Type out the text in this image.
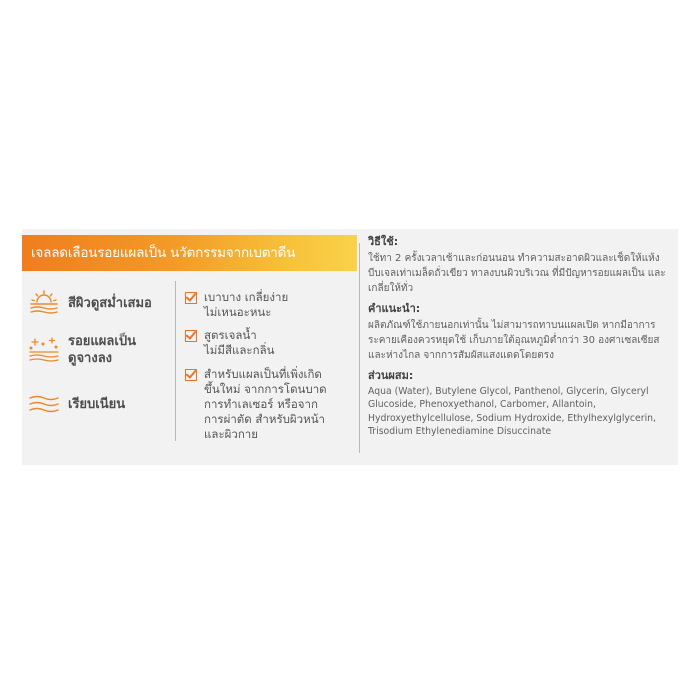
เจลลดเลือนรอยแผลเป็น นวัตกรรมจากเบตาดีน
สีผิวดูสม่ำเสมอ
รอยแผลเป็น
ดูจางลง
เรียบเนียน
เบาบาง เกลี่ยง่าย
ไม่เหนอะหนะ
สูตรเจลน้ำ
ไม่มีสีและกลิ่น
สำหรับแผลเป็นที่เพิ่งเกิด
ขึ้นใหม่ จากการโดนบาด
การทำเลเซอร์ หรือจาก
การผ่าตัด สำหรับผิวหน้า
และผิวกาย
วิธีใช้:
ใช้ทา 2 ครั้งเวลาเช้าและก่อนนอน ทำความสะอาดผิวและเช็ดให้แห้ง บีบเจลเท่าเมล็ดถั่วเขียว ทาลงบนผิวบริเวณ ที่มีปัญหารอยแผลเป็น และเกลี่ยให้ทั่ว
คำแนะนำ:
ผลิตภัณฑ์ใช้ภายนอกเท่านั้น ไม่สามารถทาบนแผลเปิด หากมีอาการระคายเคืองควรหยุดใช้ เก็บภายใต้อุณหภูมิต่ำกว่า 30 องศาเซลเซียส และห่างไกล จากการสัมผัสแสงแดดโดยตรง
ส่วนผสม:
Aqua (Water), Butylene Glycol, Panthenol, Glycerin, Glyceryl Glucoside, Phenoxyethanol, Carbomer, Allantoin, Hydroxyethylcellulose, Sodium Hydroxide, Ethylhexylglycerin, Trisodium Ethylenediamine Disuccinate
